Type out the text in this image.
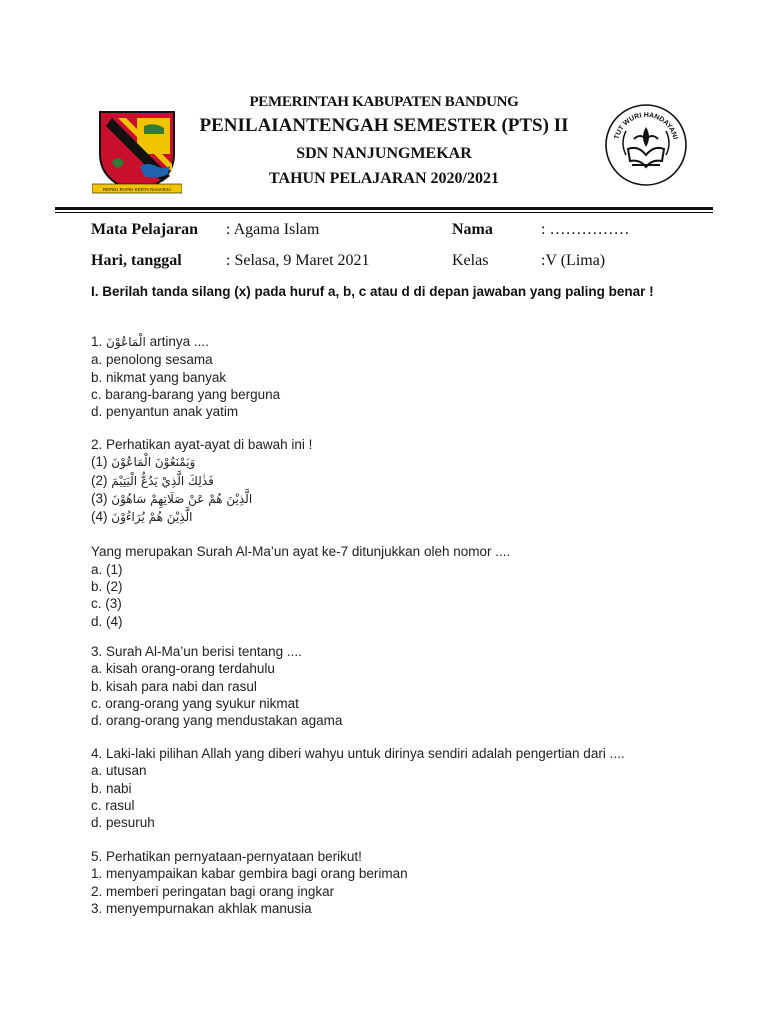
REPEH RAPIH KERTA RAHARJA
TUT WURI HANDAYANI
PEMERINTAH KABUPATEN BANDUNG
PENILAIANTENGAH SEMESTER (PTS) II
SDN NANJUNGMEKAR
TAHUN PELAJARAN 2020/2021
Mata Pelajaran : Agama Islam	Nama	: ……………
Hari, tanggal	: Selasa, 9 Maret 2021	Kelas	:V (Lima)
I. Berilah tanda silang (x) pada huruf a, b, c atau d di depan jawaban yang paling benar !
1. الْمَاعُوْنَ artinya ....
a. penolong sesama
b. nikmat yang banyak
c. barang-barang yang berguna
d. penyantun anak yatim
2. Perhatikan ayat-ayat di bawah ini !
(1) وَيَمْنَعُوْنَ الْمَاعُوْنَ
(2) فَذٰلِكَ الَّذِيْ يَدُعُّ الْيَتِيْمَ
(3) الَّذِيْنَ هُمْ عَنْ صَلَاتِهِمْ سَاهُوْنَ
(4) الَّذِيْنَ هُمْ يُرَاءُوْنَ
Yang merupakan Surah Al-Ma’un ayat ke-7 ditunjukkan oleh nomor ....
a. (1)
b. (2)
c. (3)
d. (4)
3. Surah Al-Ma’un berisi tentang ....
a. kisah orang-orang terdahulu
b. kisah para nabi dan rasul
c. orang-orang yang syukur nikmat
d. orang-orang yang mendustakan agama
4. Laki-laki pilihan Allah yang diberi wahyu untuk dirinya sendiri adalah pengertian dari ....
a. utusan
b. nabi
c. rasul
d. pesuruh
5. Perhatikan pernyataan-pernyataan berikut!
1. menyampaikan kabar gembira bagi orang beriman
2. memberi peringatan bagi orang ingkar
3. menyempurnakan akhlak manusia
